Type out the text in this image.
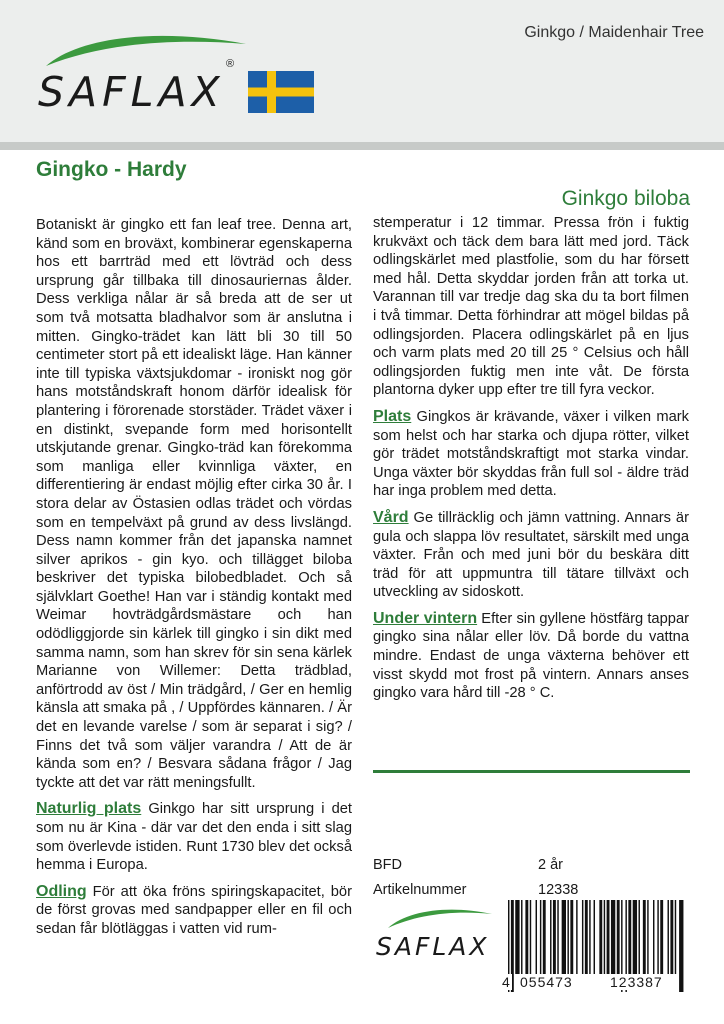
Ginkgo / Maidenhair Tree
SAFLAX
®
Gingko - Hardy
Ginkgo biloba

Botaniskt är gingko ett fan leaf tree. Denna art, känd som en broväxt, kombinerar egenskaperna hos ett barrträd med ett lövträd och dess ursprung går tillbaka till dinosauriernas ålder. Dess verkliga nålar är så breda att de ser ut som två motsatta bladhalvor som är anslutna i mitten. Gingko-trädet kan lätt bli 30 till 50 centimeter stort på ett idealiskt läge. Han känner inte till typiska växtsjukdomar - ironiskt nog gör hans motståndskraft honom därför idealisk för plantering i förorenade storstäder. Trädet växer i en distinkt, svepande form med horisontellt utskjutande grenar. Gingko-träd kan förekomma som manliga eller kvinnliga växter, en differentiering är endast möjlig efter cirka 30 år. I stora delar av Östasien odlas trädet och vördas som en tempelväxt på grund av dess livslängd. Dess namn kommer från det japanska namnet silver aprikos - gin kyo. och tillägget biloba beskriver det typiska bilobedbladet. Och så självklart Goethe! Han var i ständig kontakt med Weimar hovträdgårdsmästare och han odödliggjorde sin kärlek till gingko i sin dikt med samma namn, som han skrev för sin sena kärlek Marianne von Willemer: Detta trädblad, anförtrodd av öst / Min trädgård, / Ger en hemlig känsla att smaka på , / Uppfördes kännaren. / Är det en levande varelse / som är separat i sig? / Finns det två som väljer varandra / Att de är kända som en? / Besvara sådana frågor / Jag tyckte att det var rätt meningsfullt.

Naturlig plats Ginkgo har sitt ursprung i det som nu är Kina - där var det den enda i sitt slag som överlevde istiden. Runt 1730 blev det också hemma i Europa.

Odling För att öka fröns spiringskapacitet, bör de först grovas med sandpapper eller en fil och sedan får blötläggas i vatten vid rum-

stemperatur i 12 timmar. Pressa frön i fuktig krukväxt och täck dem bara lätt med jord. Täck odlingskärlet med plastfolie, som du har försett med hål. Detta skyddar jorden från att torka ut. Varannan till var tredje dag ska du ta bort filmen i två timmar. Detta förhindrar att mögel bildas på odlingsjorden. Placera odlingskärlet på en ljus och varm plats med 20 till 25 ° Celsius och håll odlingsjorden fuktig men inte våt. De första plantorna dyker upp efter tre till fyra veckor.

Plats Gingkos är krävande, växer i vilken mark som helst och har starka och djupa rötter, vilket gör trädet motståndskraftigt mot starka vindar. Unga växter bör skyddas från full sol - äldre träd har inga problem med detta.

Vård Ge tillräcklig och jämn vattning. Annars är gula och slappa löv resultatet, särskilt med unga växter. Från och med juni bör du beskära ditt träd för att uppmuntra till tätare tillväxt och utveckling av sidoskott.

Under vintern Efter sin gyllene höstfärg tappar gingko sina nålar eller löv. Då borde du vattna mindre. Endast de unga växterna behöver ett visst skydd mot frost på vintern. Annars anses gingko vara hård till -28 ° C.

BFD	2 år
Artikelnummer	12338
SAFLAX
4 055473	123387
